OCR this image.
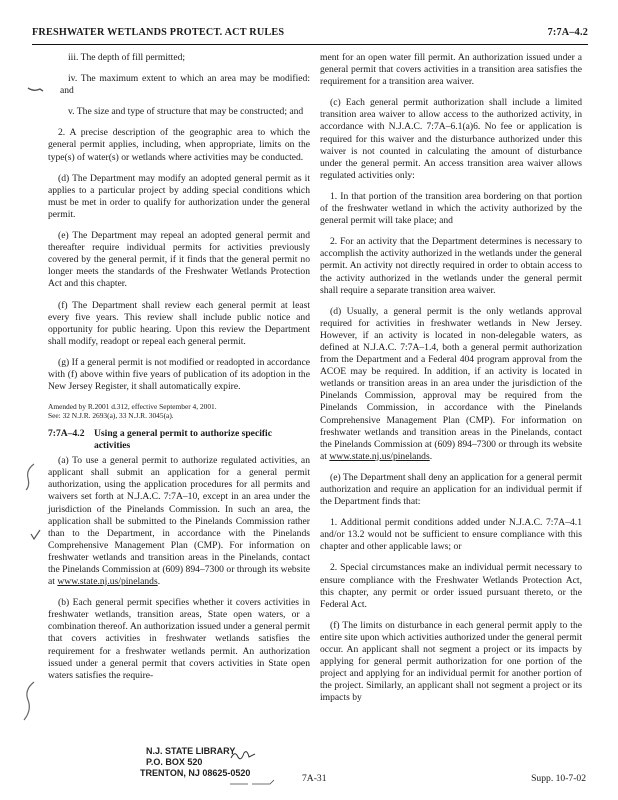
FRESHWATER WETLANDS PROTECT. ACT RULES	7:7A–4.2

iii. The depth of fill permitted;

iv. The maximum extent to which an area may be modified: and

v. The size and type of structure that may be constructed; and

2. A precise description of the geographic area to which the general permit applies, including, when appropriate, limits on the type(s) of water(s) or wetlands where activities may be conducted.

(d) The Department may modify an adopted general permit as it applies to a particular project by adding special conditions which must be met in order to qualify for authorization under the general permit.

(e) The Department may repeal an adopted general permit and thereafter require individual permits for activities previously covered by the general permit, if it finds that the general permit no longer meets the standards of the Freshwater Wetlands Protection Act and this chapter.

(f) The Department shall review each general permit at least every five years. This review shall include public notice and opportunity for public hearing. Upon this review the Department shall modify, readopt or repeal each general permit.

(g) If a general permit is not modified or readopted in accordance with (f) above within five years of publication of its adoption in the New Jersey Register, it shall automatically expire.

Amended by R.2001 d.312, effective September 4, 2001.
See: 32 N.J.R. 2693(a), 33 N.J.R. 3045(a).
7:7A–4.2 Using a general permit to authorize specific activities

(a) To use a general permit to authorize regulated activities, an applicant shall submit an application for a general permit authorization, using the application procedures for all permits and waivers set forth at N.J.A.C. 7:7A–10, except in an area under the jurisdiction of the Pinelands Commission. In such an area, the application shall be submitted to the Pinelands Commission rather than to the Department, in accordance with the Pinelands Comprehensive Management Plan (CMP). For information on freshwater wetlands and transition areas in the Pinelands, contact the Pinelands Commission at (609) 894–7300 or through its website at www.state.nj.us/pinelands.

(b) Each general permit specifies whether it covers activities in freshwater wetlands, transition areas, State open waters, or a combination thereof. An authorization issued under a general permit that covers activities in freshwater wetlands satisfies the requirement for a freshwater wetlands permit. An authorization issued under a general permit that covers activities in State open waters satisfies the require-

ment for an open water fill permit. An authorization issued under a general permit that covers activities in a transition area satisfies the requirement for a transition area waiver.

(c) Each general permit authorization shall include a limited transition area waiver to allow access to the authorized activity, in accordance with N.J.A.C. 7:7A–6.1(a)6. No fee or application is required for this waiver and the disturbance authorized under this waiver is not counted in calculating the amount of disturbance under the general permit. An access transition area waiver allows regulated activities only:

1. In that portion of the transition area bordering on that portion of the freshwater wetland in which the activity authorized by the general permit will take place; and

2. For an activity that the Department determines is necessary to accomplish the activity authorized in the wetlands under the general permit. An activity not directly required in order to obtain access to the activity authorized in the wetlands under the general permit shall require a separate transition area waiver.

(d) Usually, a general permit is the only wetlands approval required for activities in freshwater wetlands in New Jersey. However, if an activity is located in non-delegable waters, as defined at N.J.A.C. 7:7A–1.4, both a general permit authorization from the Department and a Federal 404 program approval from the ACOE may be required. In addition, if an activity is located in wetlands or transition areas in an area under the jurisdiction of the Pinelands Commission, approval may be required from the Pinelands Commission, in accordance with the Pinelands Comprehensive Management Plan (CMP). For information on freshwater wetlands and transition areas in the Pinelands, contact the Pinelands Commission at (609) 894–7300 or through its website at www.state.nj.us/pinelands.

(e) The Department shall deny an application for a general permit authorization and require an application for an individual permit if the Department finds that:

1. Additional permit conditions added under N.J.A.C. 7:7A–4.1 and/or 13.2 would not be sufficient to ensure compliance with this chapter and other applicable laws; or

2. Special circumstances make an individual permit necessary to ensure compliance with the Freshwater Wetlands Protection Act, this chapter, any permit or order issued pursuant thereto, or the Federal Act.

(f) The limits on disturbance in each general permit apply to the entire site upon which activities authorized under the general permit occur. An applicant shall not segment a project or its impacts by applying for general permit authorization for one portion of the project and applying for an individual permit for another portion of the project. Similarly, an applicant shall not segment a project or its impacts by

N.J. STATE LIBRARY
P.O. BOX 520
TRENTON, NJ 08625-0520	7A-31	Supp. 10-7-02
